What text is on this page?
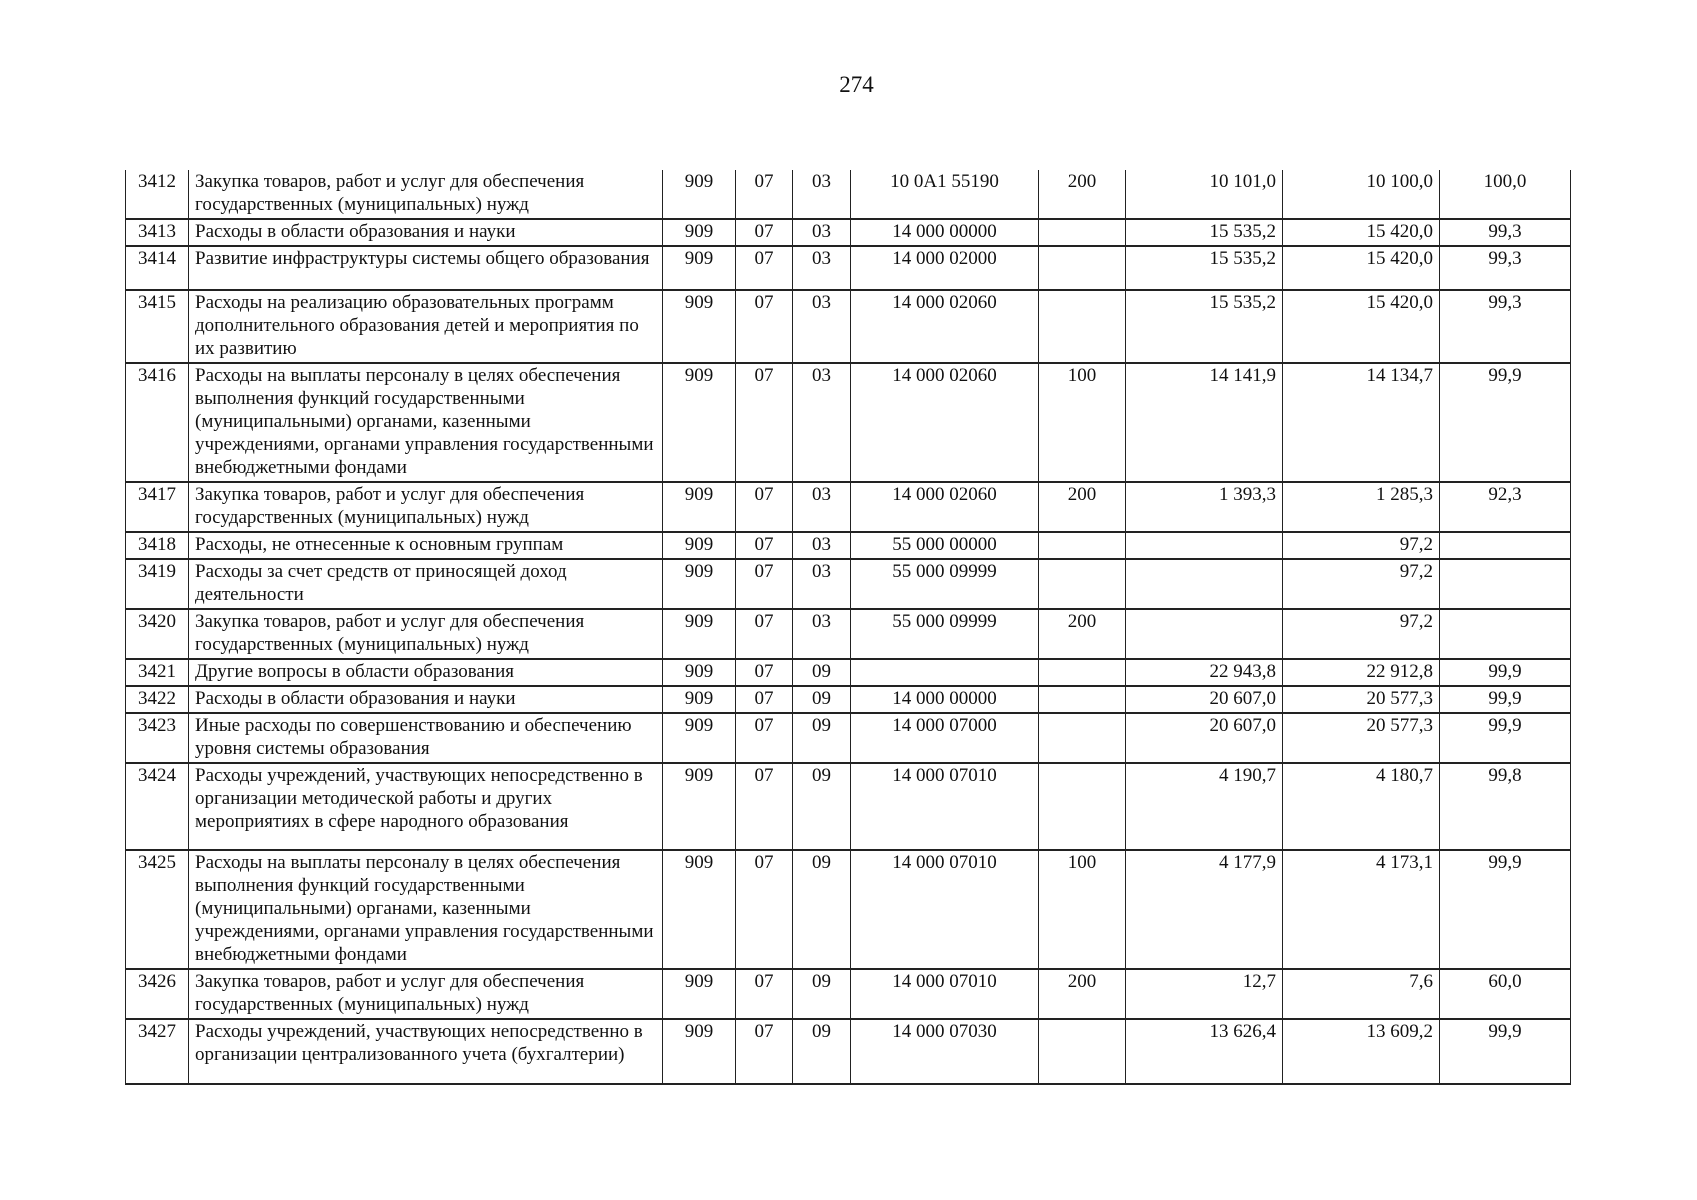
274
3412	Закупка товаров, работ и услуг для обеспечения государственных (муниципальных) нужд	909	07	03	10 0A1 55190	200	10 101,0	10 100,0	100,0
3413	Расходы в области образования и науки	909	07	03	14 000 00000		15 535,2	15 420,0	99,3
3414	Развитие инфраструктуры системы общего образования	909	07	03	14 000 02000		15 535,2	15 420,0	99,3
3415	Расходы на реализацию образовательных программ дополнительного образования детей и мероприятия по их развитию	909	07	03	14 000 02060		15 535,2	15 420,0	99,3
3416	Расходы на выплаты персоналу в целях обеспечения выполнения функций государственными (муниципальными) органами, казенными учреждениями, органами управления государственными внебюджетными фондами	909	07	03	14 000 02060	100	14 141,9	14 134,7	99,9
3417	Закупка товаров, работ и услуг для обеспечения государственных (муниципальных) нужд	909	07	03	14 000 02060	200	1 393,3	1 285,3	92,3
3418	Расходы, не отнесенные к основным группам	909	07	03	55 000 00000			97,2	
3419	Расходы за счет средств от приносящей доход деятельности	909	07	03	55 000 09999			97,2	
3420	Закупка товаров, работ и услуг для обеспечения государственных (муниципальных) нужд	909	07	03	55 000 09999	200		97,2	
3421	Другие вопросы в области образования	909	07	09			22 943,8	22 912,8	99,9
3422	Расходы в области образования и науки	909	07	09	14 000 00000		20 607,0	20 577,3	99,9
3423	Иные расходы по совершенствованию и обеспечению уровня системы образования	909	07	09	14 000 07000		20 607,0	20 577,3	99,9
3424	Расходы учреждений, участвующих непосредственно в организации методической работы и других мероприятиях в сфере народного образования	909	07	09	14 000 07010		4 190,7	4 180,7	99,8
3425	Расходы на выплаты персоналу в целях обеспечения выполнения функций государственными (муниципальными) органами, казенными учреждениями, органами управления государственными внебюджетными фондами	909	07	09	14 000 07010	100	4 177,9	4 173,1	99,9
3426	Закупка товаров, работ и услуг для обеспечения государственных (муниципальных) нужд	909	07	09	14 000 07010	200	12,7	7,6	60,0
3427	Расходы учреждений, участвующих непосредственно в организации централизованного учета (бухгалтерии)	909	07	09	14 000 07030		13 626,4	13 609,2	99,9
